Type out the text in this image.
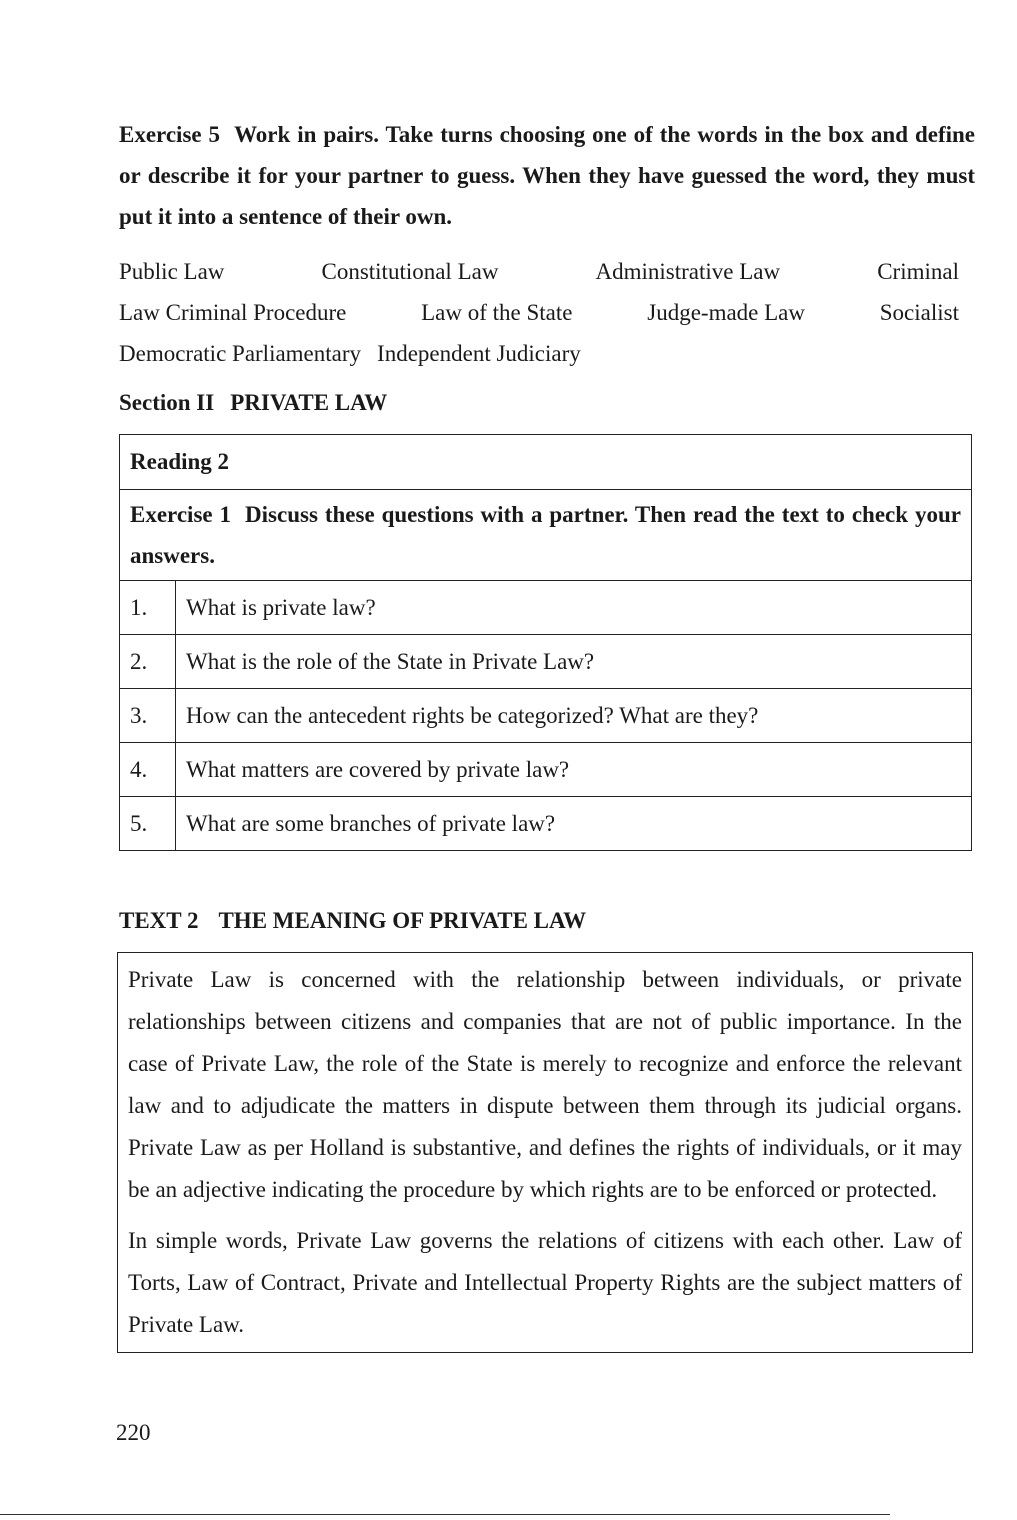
Exercise 5 Work in pairs. Take turns choosing one of the words in the box and define or describe it for your partner to guess. When they have guessed the word, they must put it into a sentence of their own.

Public Law	Constitutional Law	Administrative Law	Criminal
Law Criminal Procedure	Law of the State	Judge-made Law	Socialist
Democratic Parliamentary Independent Judiciary

Section II PRIVATE LAW

Reading 2	
Exercise 1 Discuss these questions with a partner. Then read the text to check your answers.	
1.	What is private law?
2.	What is the role of the State in Private Law?
3.	How can the antecedent rights be categorized? What are they?
4.	What matters are covered by private law?
5.	What are some branches of private law?

TEXT 2 THE MEANING OF PRIVATE LAW

Private Law is concerned with the relationship between individuals, or private relationships between citizens and companies that are not of public importance. In the case of Private Law, the role of the State is merely to recognize and enforce the relevant law and to adjudicate the matters in dispute between them through its judicial organs. Private Law as per Holland is substantive, and defines the rights of individuals, or it may be an adjective indicating the procedure by which rights are to be enforced or protected.

In simple words, Private Law governs the relations of citizens with each other. Law of Torts, Law of Contract, Private and Intellectual Property Rights are the subject matters of Private Law.

220
